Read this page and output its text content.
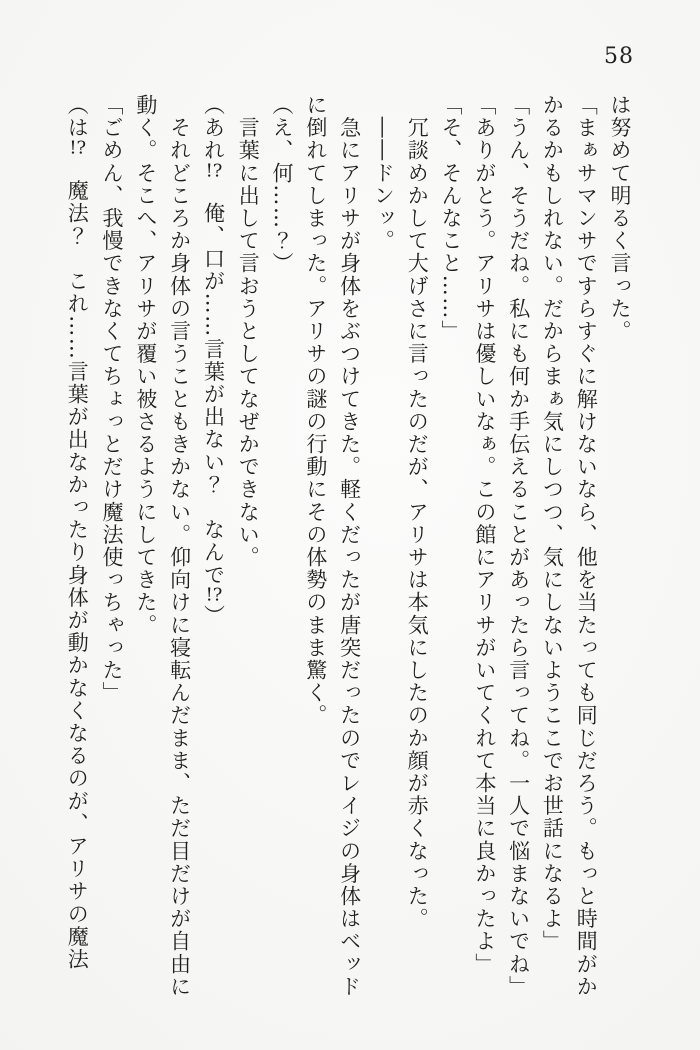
58

は努めて明るく言った。

「まぁサマンサですらすぐに解けないなら、他を当たっても同じだろう。もっと時間がか

かるかもしれない。だからまぁ気にしつつ、気にしないようここでお世話になるよ」

「うん、そうだね。私にも何か手伝えることがあったら言ってね。一人で悩まないでね」

「ありがとう。アリサは優しいなぁ。この館にアリサがいてくれて本当に良かったよ」

「そ、そんなこと……」

　冗談めかして大げさに言ったのだが、アリサは本気にしたのか顔が赤くなった。

　――ドンッ。

　急にアリサが身体をぶつけてきた。軽くだったが唐突だったのでレイジの身体はベッド

に倒れてしまった。アリサの謎の行動にその体勢のまま驚く。

（え、何……？）

　言葉に出して言おうとしてなぜかできない。

（あれ!?　俺、口が……言葉が出ない？　なんで!?）

　それどころか身体の言うこともきかない。仰向けに寝転んだまま、ただ目だけが自由に

動く。そこへ、アリサが覆い被さるようにしてきた。

「ごめん、我慢できなくてちょっとだけ魔法使っちゃった」

（は!?　魔法？　これ……言葉が出なかったり身体が動かなくなるのが、アリサの魔法
